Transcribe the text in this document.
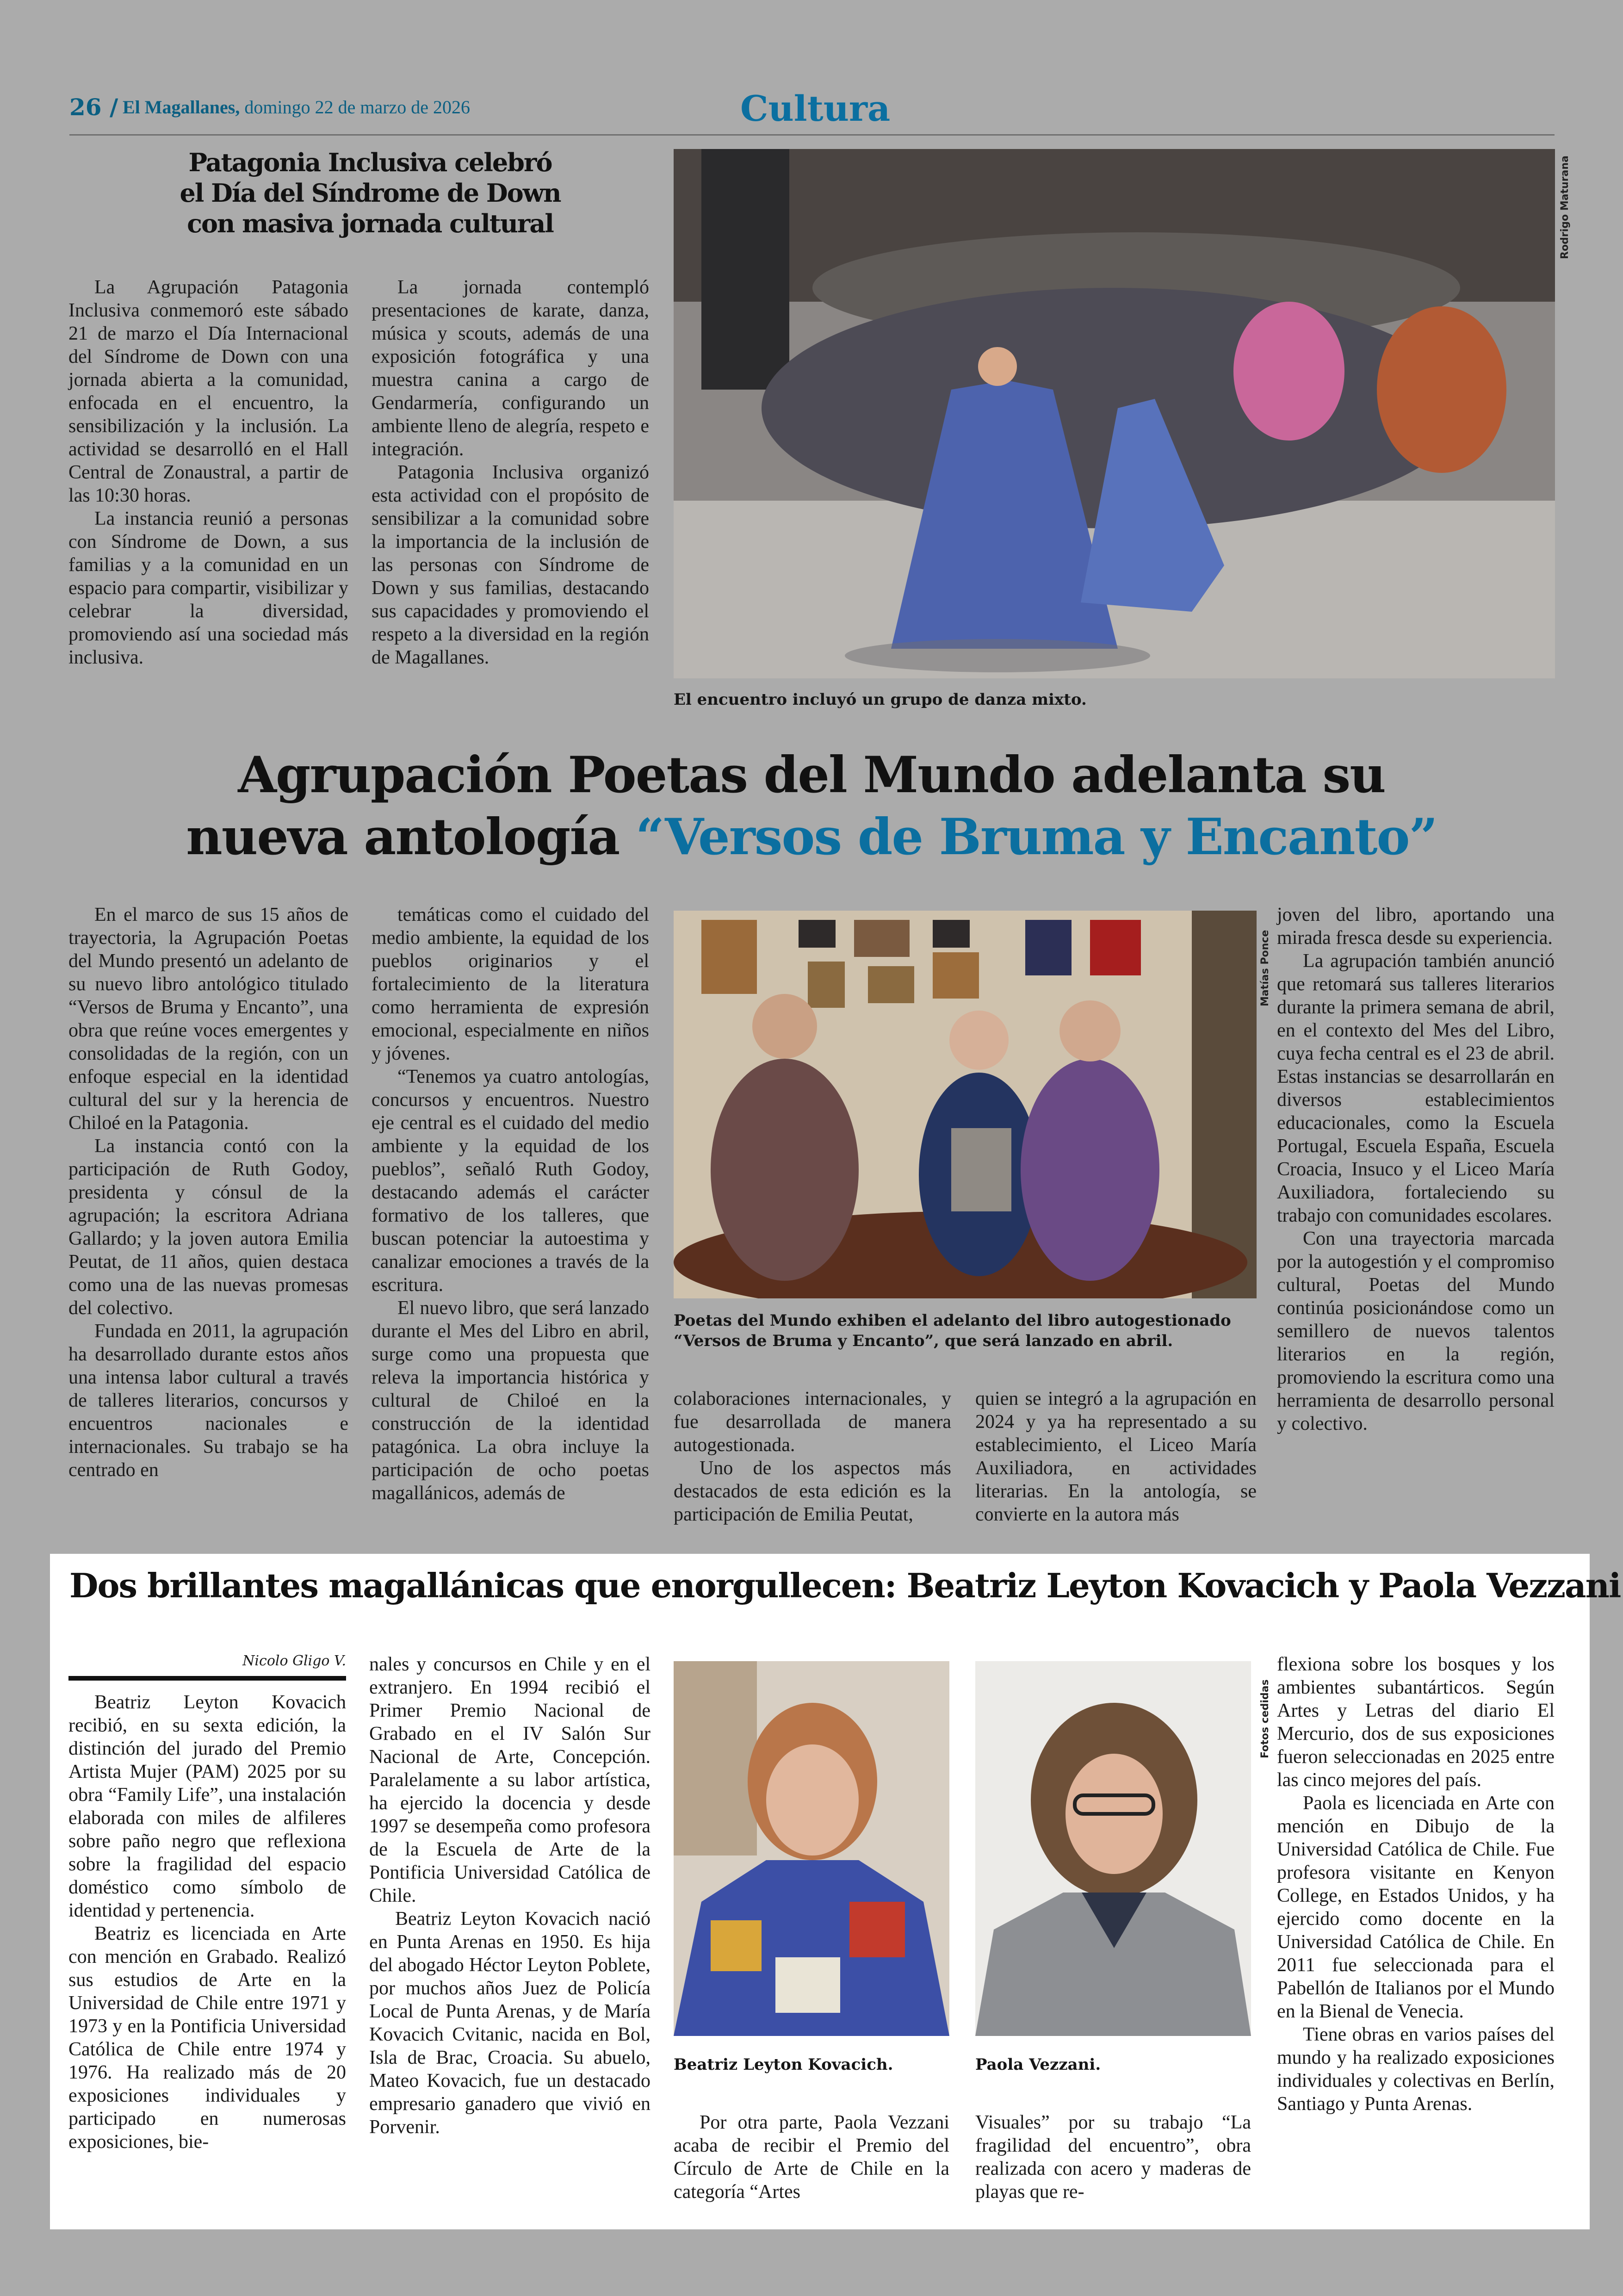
26 / El Magallanes, domingo 22 de marzo de 2026	Cultura
Patagonia Inclusiva celebró
el Día del Síndrome de Down
con masiva jornada cultural

La Agrupación Patagonia Inclusiva conmemoró este sábado 21 de marzo el Día Internacional del Síndrome de Down con una jornada abierta a la comunidad, enfocada en el encuentro, la sensibilización y la inclusión. La actividad se desarrolló en el Hall Central de Zonaustral, a partir de las 10:30 horas.

La instancia reunió a personas con Síndrome de Down, a sus familias y a la comunidad en un espacio para compartir, visibilizar y celebrar la diversidad, promoviendo así una sociedad más inclusiva.

La jornada contempló presentaciones de karate, danza, música y scouts, además de una exposición fotográfica y una muestra canina a cargo de Gendarmería, configurando un ambiente lleno de alegría, respeto e integración.

Patagonia Inclusiva organizó esta actividad con el propósito de sensibilizar a la comunidad sobre la importancia de la inclusión de las personas con Síndrome de Down y sus familias, destacando sus capacidades y promoviendo el respeto a la diversidad en la región de Magallanes.

Rodrigo Maturana
El encuentro incluyó un grupo de danza mixto.
Agrupación Poetas del Mundo adelanta su
nueva antología “Versos de Bruma y Encanto”

En el marco de sus 15 años de trayectoria, la Agrupación Poetas del Mundo presentó un adelanto de su nuevo libro antológico titulado “Versos de Bruma y Encanto”, una obra que reúne voces emergentes y consolidadas de la región, con un enfoque especial en la identidad cultural del sur y la herencia de Chiloé en la Patagonia.

La instancia contó con la participación de Ruth Godoy, presidenta y cónsul de la agrupación; la escritora Adriana Gallardo; y la joven autora Emilia Peutat, de 11 años, quien destaca como una de las nuevas promesas del colectivo.

Fundada en 2011, la agrupación ha desarrollado durante estos años una intensa labor cultural a través de talleres literarios, concursos y encuentros nacionales e internacionales. Su trabajo se ha centrado en

temáticas como el cuidado del medio ambiente, la equidad de los pueblos originarios y el fortalecimiento de la literatura como herramienta de expresión emocional, especialmente en niños y jóvenes.

“Tenemos ya cuatro antologías, concursos y encuentros. Nuestro eje central es el cuidado del medio ambiente y la equidad de los pueblos”, señaló Ruth Godoy, destacando además el carácter formativo de los talleres, que buscan potenciar la autoestima y canalizar emociones a través de la escritura.

El nuevo libro, que será lanzado durante el Mes del Libro en abril, surge como una propuesta que releva la importancia histórica y cultural de Chiloé en la construcción de la identidad patagónica. La obra incluye la participación de ocho poetas magallánicos, además de

Matías Ponce
Poetas del Mundo exhiben el adelanto del libro autogestionado “Versos de Bruma y Encanto”, que será lanzado en abril.

colaboraciones internacionales, y fue desarrollada de manera autogestionada.

Uno de los aspectos más destacados de esta edición es la participación de Emilia Peutat,

quien se integró a la agrupación en 2024 y ya ha representado a su establecimiento, el Liceo María Auxiliadora, en actividades literarias. En la antología, se convierte en la autora más

joven del libro, aportando una mirada fresca desde su experiencia.

La agrupación también anunció que retomará sus talleres literarios durante la primera semana de abril, en el contexto del Mes del Libro, cuya fecha central es el 23 de abril. Estas instancias se desarrollarán en diversos establecimientos educacionales, como la Escuela Portugal, Escuela España, Escuela Croacia, Insuco y el Liceo María Auxiliadora, fortaleciendo su trabajo con comunidades escolares.

Con una trayectoria marcada por la autogestión y el compromiso cultural, Poetas del Mundo continúa posicionándose como un semillero de nuevos talentos literarios en la región, promoviendo la escritura como una herramienta de desarrollo personal y colectivo.

Dos brillantes magallánicas que enorgullecen: Beatriz Leyton Kovacich y Paola Vezzani
Nicolo Gligo V.

Beatriz Leyton Kovacich recibió, en su sexta edición, la distinción del jurado del Premio Artista Mujer (PAM) 2025 por su obra “Family Life”, una instalación elaborada con miles de alfileres sobre paño negro que reflexiona sobre la fragilidad del espacio doméstico como símbolo de identidad y pertenencia.

Beatriz es licenciada en Arte con mención en Grabado. Realizó sus estudios de Arte en la Universidad de Chile entre 1971 y 1973 y en la Pontificia Universidad Católica de Chile entre 1974 y 1976. Ha realizado más de 20 exposiciones individuales y participado en numerosas exposiciones, bie-

nales y concursos en Chile y en el extranjero. En 1994 recibió el Primer Premio Nacional de Grabado en el IV Salón Sur Nacional de Arte, Concepción. Paralelamente a su labor artística, ha ejercido la docencia y desde 1997 se desempeña como profesora de la Escuela de Arte de la Pontificia Universidad Católica de Chile.

Beatriz Leyton Kovacich nació en Punta Arenas en 1950. Es hija del abogado Héctor Leyton Poblete, por muchos años Juez de Policía Local de Punta Arenas, y de María Kovacich Cvitanic, nacida en Bol, Isla de Brac, Croacia. Su abuelo, Mateo Kovacich, fue un destacado empresario ganadero que vivió en Porvenir.

Fotos cedidas
Beatriz Leyton Kovacich.	Paola Vezzani.

Por otra parte, Paola Vezzani acaba de recibir el Premio del Círculo de Arte de Chile en la categoría “Artes

Visuales” por su trabajo “La fragilidad del encuentro”, obra realizada con acero y maderas de playas que re-

flexiona sobre los bosques y los ambientes subantárticos. Según Artes y Letras del diario El Mercurio, dos de sus exposiciones fueron seleccionadas en 2025 entre las cinco mejores del país.

Paola es licenciada en Arte con mención en Dibujo de la Universidad Católica de Chile. Fue profesora visitante en Kenyon College, en Estados Unidos, y ha ejercido como docente en la Universidad Católica de Chile. En 2011 fue seleccionada para el Pabellón de Italianos por el Mundo en la Bienal de Venecia.

Tiene obras en varios países del mundo y ha realizado exposiciones individuales y colectivas en Berlín, Santiago y Punta Arenas.
